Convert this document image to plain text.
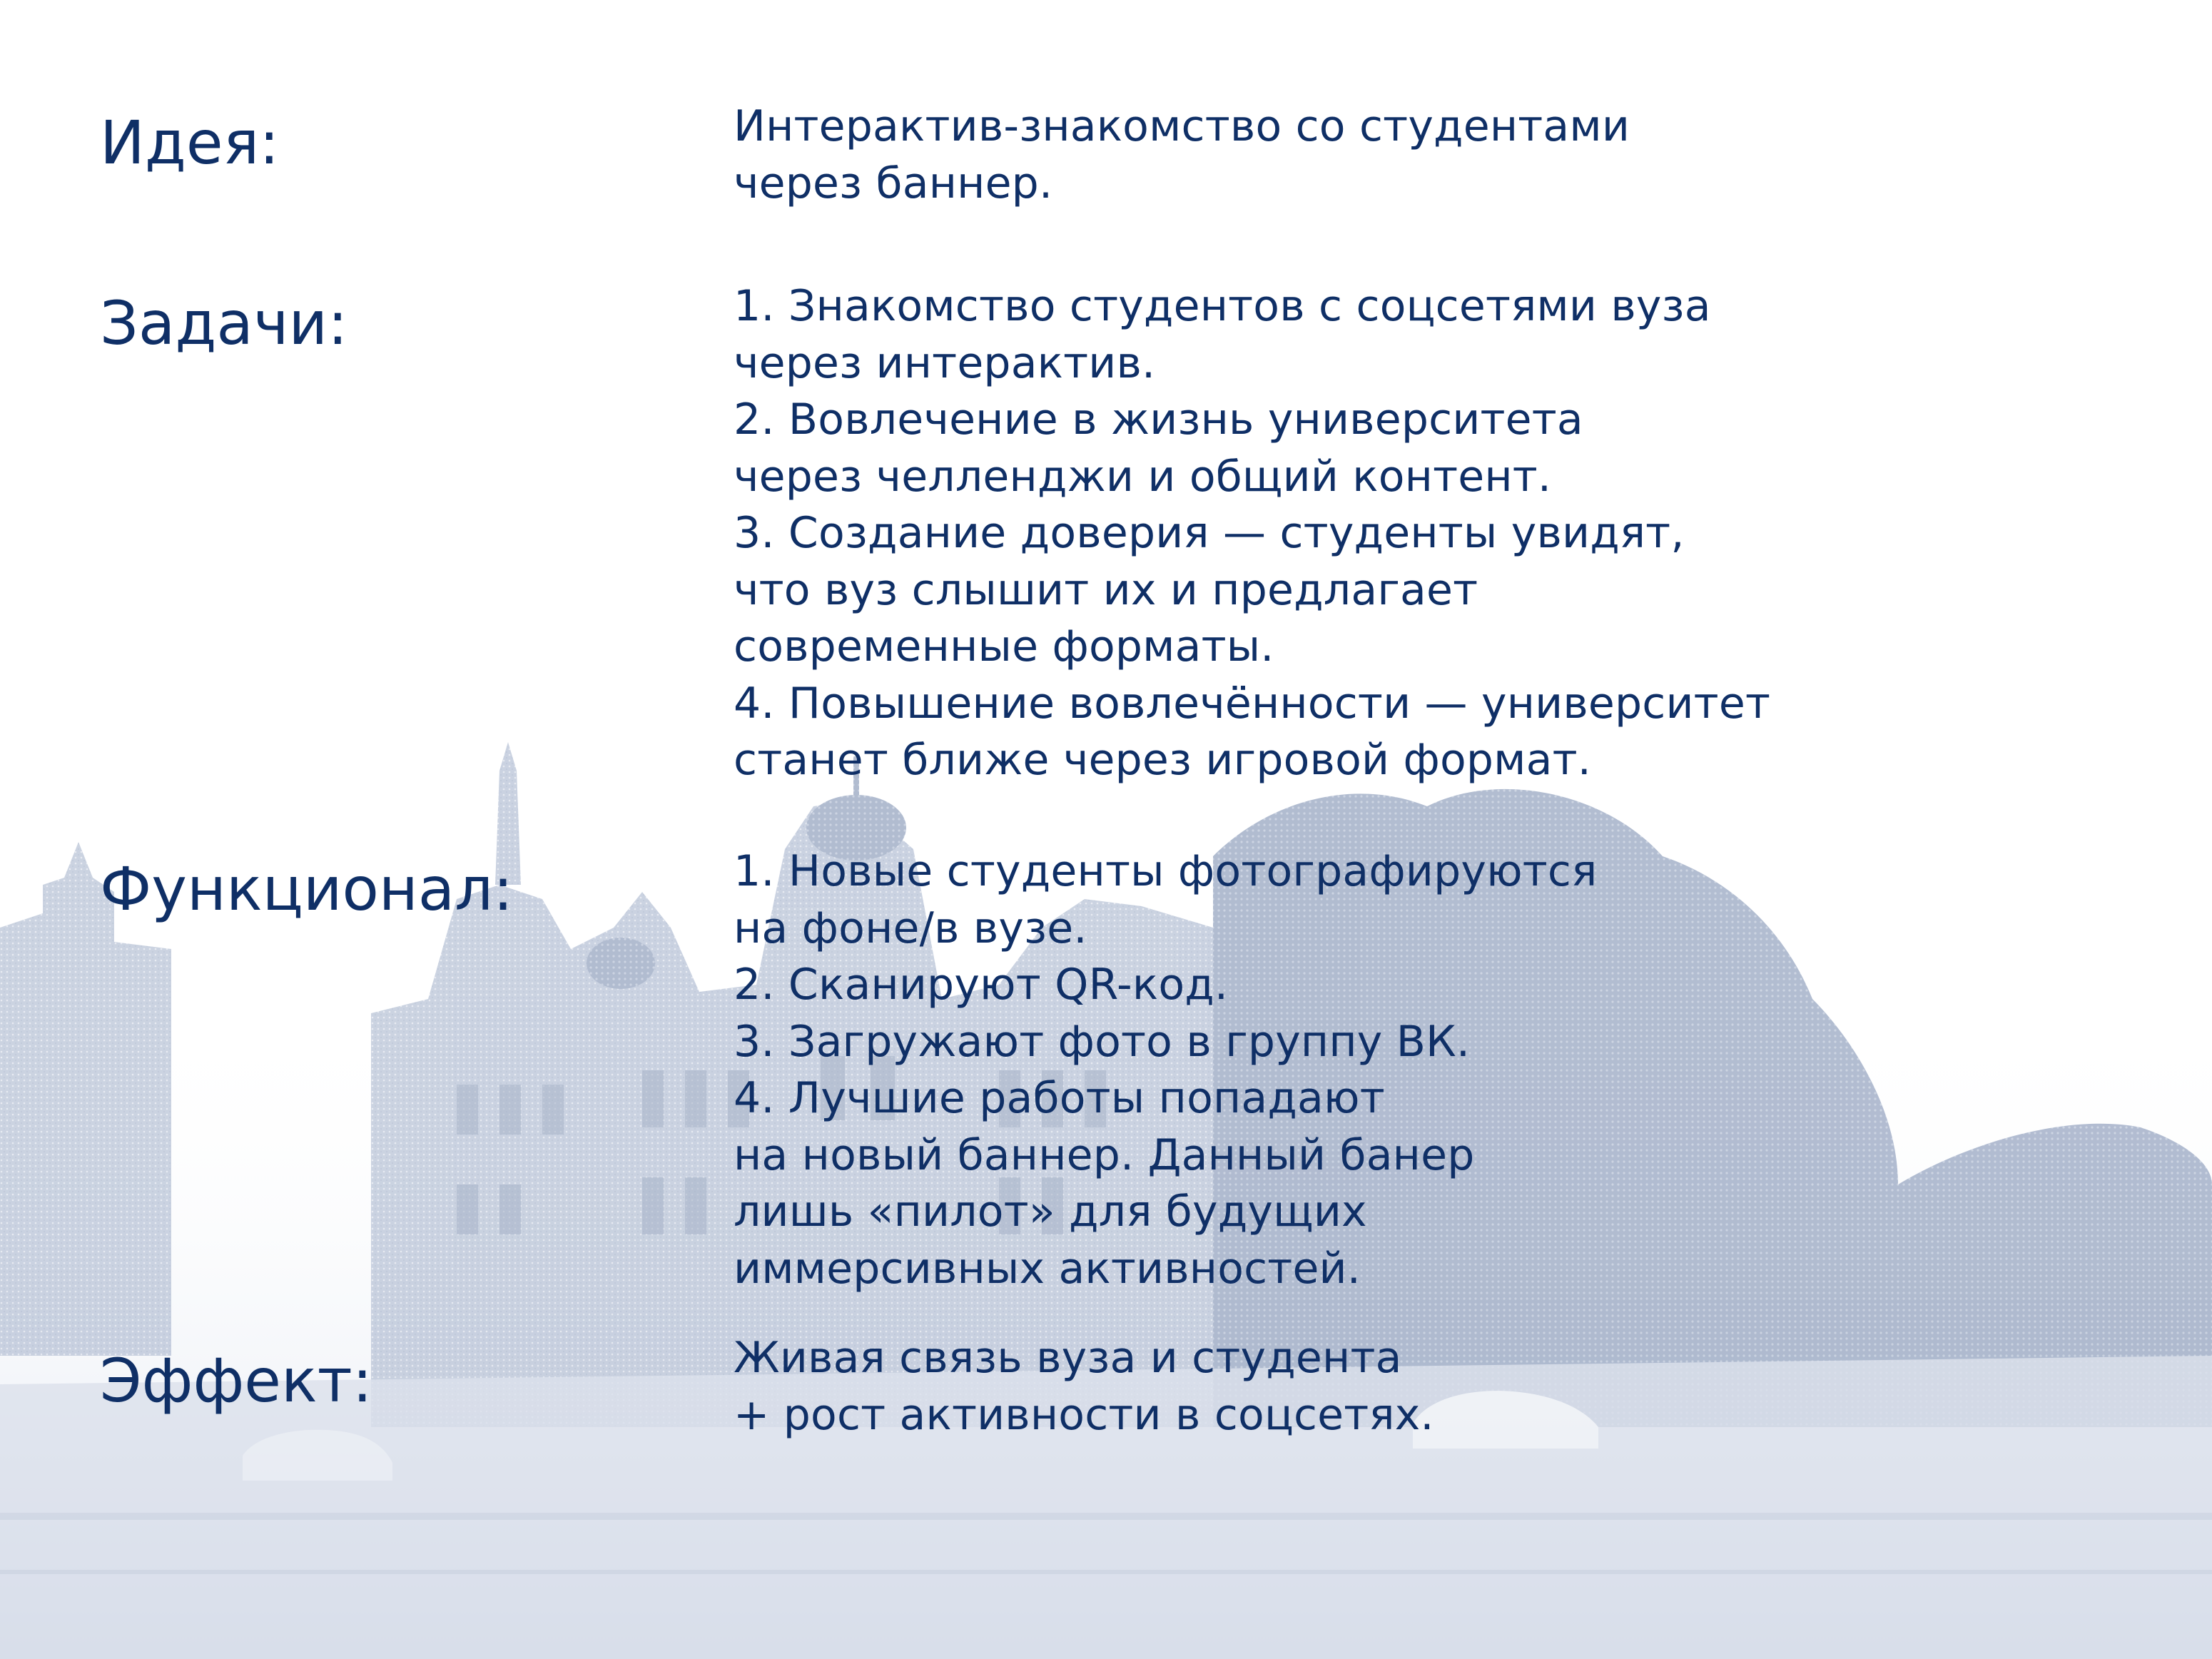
Идея:	Интерактив-знакомство со студентами
через баннер.

Задачи:	1. Знакомство студентов с соцсетями вуза
через интерактив.
2. Вовлечение в жизнь университета
через челленджи и общий контент.
3. Создание доверия — студенты увидят,
что вуз слышит их и предлагает
современные форматы.
4. Повышение вовлечённости — университет
станет ближе через игровой формат.

Функционал:	1. Новые студенты фотографируются
на фоне/в вузе.
2. Сканируют QR-код.
3. Загружают фото в группу ВК.
4. Лучшие работы попадают
на новый баннер. Данный банер
лишь «пилот» для будущих
иммерсивных активностей.

Эффект:	Живая связь вуза и студента
+ рост активности в соцсетях.
